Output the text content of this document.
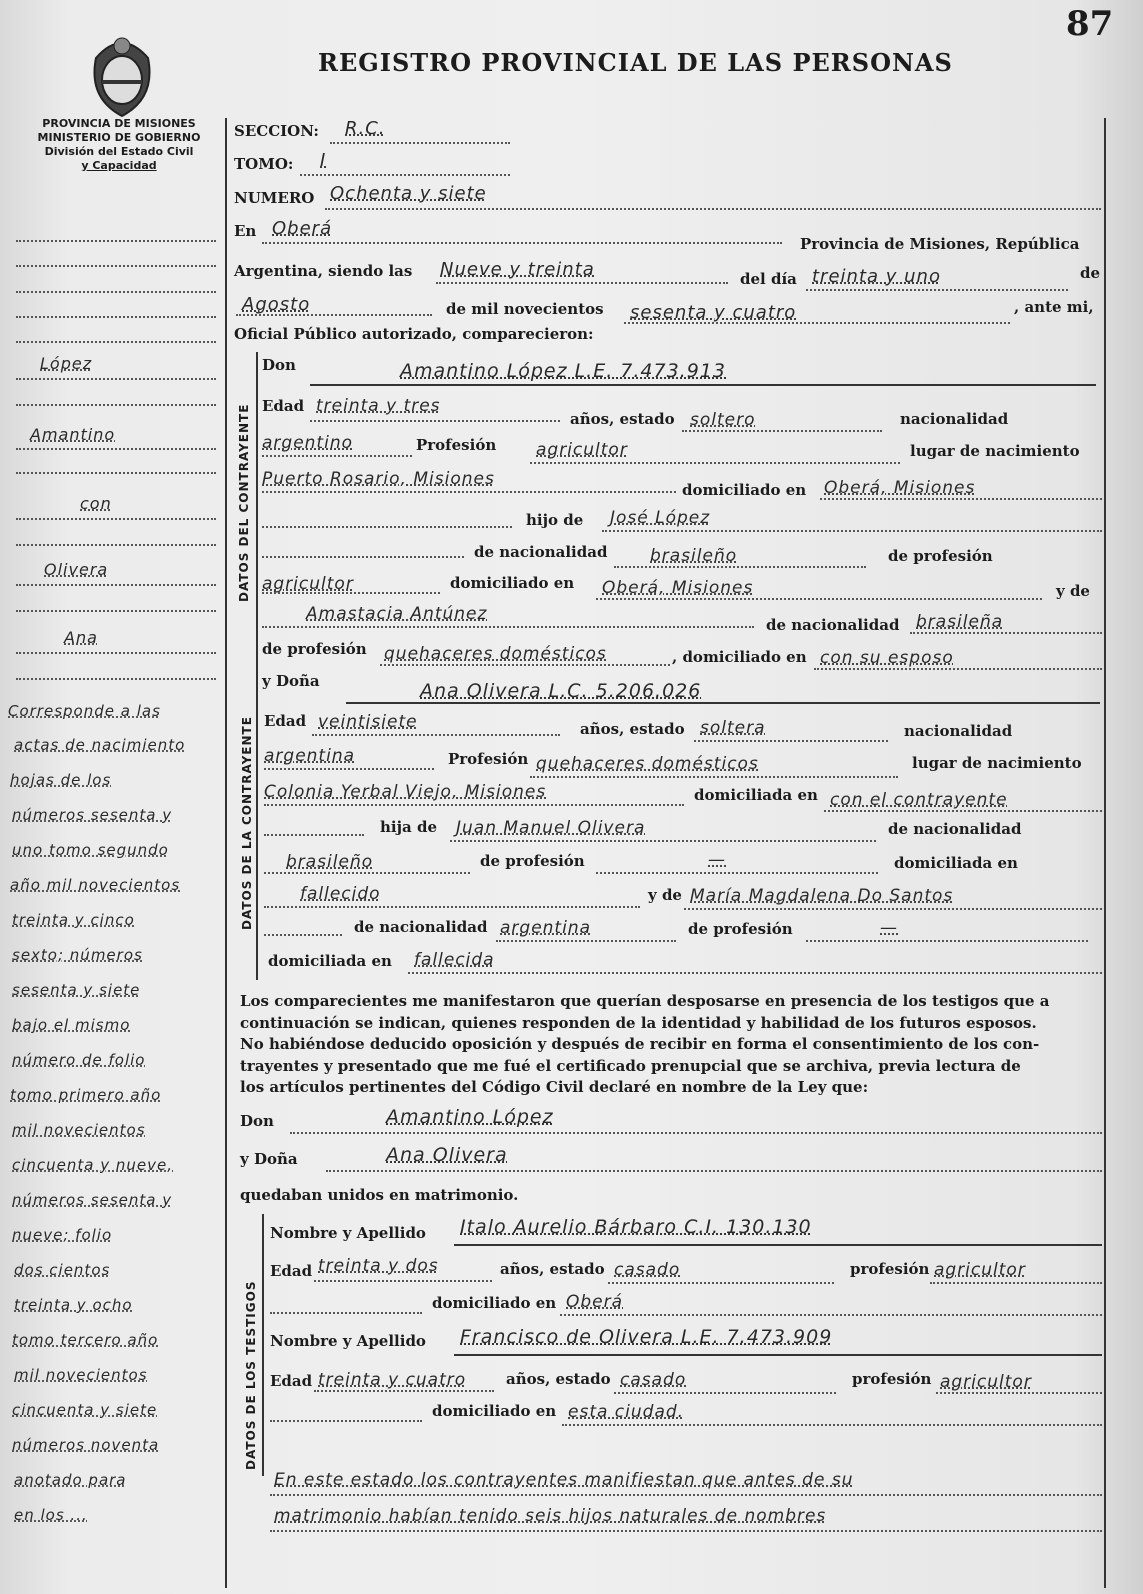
87
REGISTRO PROVINCIAL DE LAS PERSONAS
PROVINCIA DE MISIONES
MINISTERIO DE GOBIERNO
División del Estado Civil
y Capacidad
López
Amantino
con
Olivera
Ana
Corresponde a las
actas de nacimiento
hojas de los
números sesenta y
uno tomo segundo
año mil novecientos
treinta y cinco
sexto; números
sesenta y siete
bajo el mismo
número de folio
tomo primero año
mil novecientos
cincuenta y nueve,
números sesenta y
nueve; folio
dos cientos
treinta y ocho
tomo tercero año
mil novecientos
cincuenta y siete
números noventa
anotado para
en los ...
SECCION: R.C.
TOMO: I
NUMERO Ochenta y siete
En Oberá
Provincia de Misiones, República
Argentina, siendo las Nueve y treinta	del día treinta y uno	de
Agosto	de mil novecientos sesenta y cuatro	, ante mi,
Oficial Público autorizado, comparecieron:
DATOS DEL CONTRAYENTE
Don	Amantino López L.E. 7.473.913
Edad treinta y tres
años, estado soltero	nacionalidad
argentino	Profesión agricultor	lugar de nacimiento
Puerto Rosario, Misiones
domiciliado en Oberá, Misiones
hijo de José López
de nacionalidad	brasileño	de profesión
agricultor	domiciliado en Oberá, Misiones	y de
Amastacia Antúnez
de nacionalidad brasileña
de profesión quehaceres domésticos	, domiciliado en con su esposo
DATOS DE LA CONTRAYENTE
y Doña	Ana Olivera L.C. 5.206.026
Edad veintisiete	años, estado soltera	nacionalidad
argentina	Profesión quehaceres domésticos	lugar de nacimiento
Colonia Yerbal Viejo, Misiones	domiciliada en con el contrayente
hija de Juan Manuel Olivera	de nacionalidad
brasileño	de profesión	—	domiciliada en
fallecido	y de María Magdalena Do Santos
de nacionalidad argentina	de profesión	—
domiciliada en fallecida
Los comparecientes me manifestaron que querían desposarse en presencia de los testigos que a
continuación se indican, quienes responden de la identidad y habilidad de los futuros esposos.
No habiéndose deducido oposición y después de recibir en forma el consentimiento de los con-
trayentes y presentado que me fué el certificado prenupcial que se archiva, previa lectura de
los artículos pertinentes del Código Civil declaré en nombre de la Ley que:
Don	Amantino López
y Doña	Ana Olivera
quedaban unidos en matrimonio.
DATOS DE LOS TESTIGOS
Nombre y Apellido Italo Aurelio Bárbaro C.I. 130.130
Edad treinta y dos	años, estado casado	profesión agricultor
domiciliado en Oberá
Nombre y Apellido Francisco de Olivera L.E. 7.473.909
Edad treinta y cuatro	años, estado casado	profesión agricultor
domiciliado en esta ciudad.
En este estado los contrayentes manifiestan que antes de su
matrimonio habían tenido seis hijos naturales de nombres
